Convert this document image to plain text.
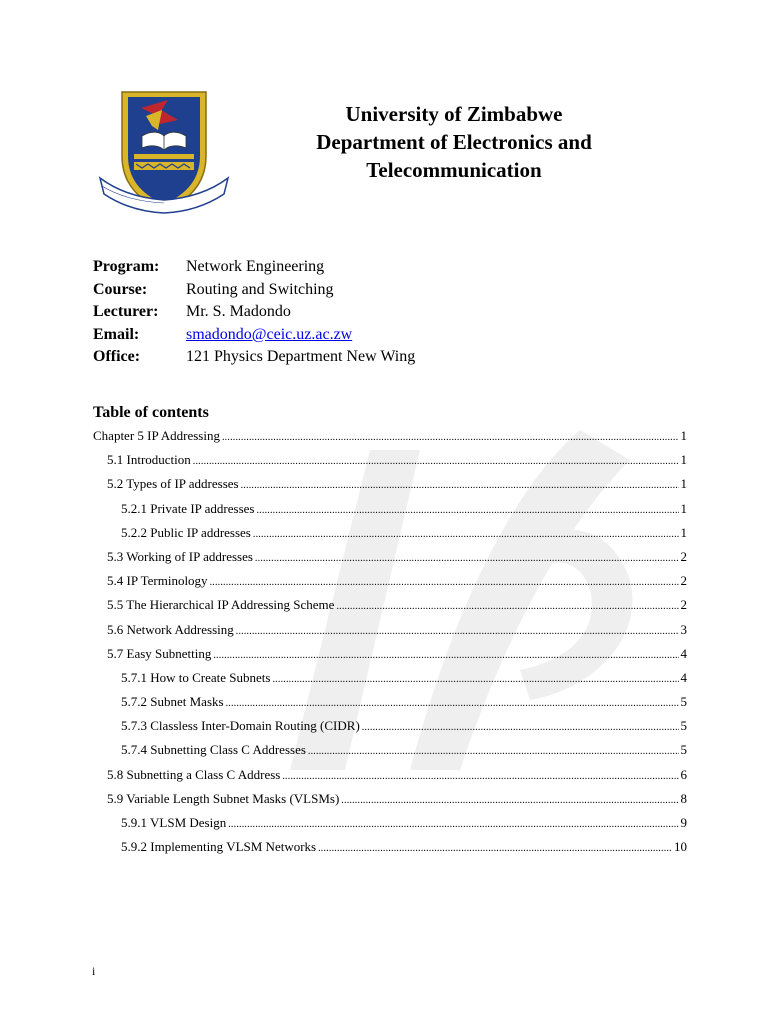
University of Zimbabwe
Department of Electronics and
Telecommunication
Program: Network Engineering
Course: Routing and Switching
Lecturer: Mr. S. Madondo
Email:	smadondo@ceic.uz.ac.zw
Office:	121 Physics Department New Wing
Table of contents
Chapter 5 IP Addressing .....	1
5.1 Introduction .....	1
5.2 Types of IP addresses .....	1
5.2.1 Private IP addresses .....	1
5.2.2 Public IP addresses .....	1
5.3 Working of IP addresses .....	2
5.4 IP Terminology .....	2
5.5 The Hierarchical IP Addressing Scheme .....	2
5.6 Network Addressing .....	3
5.7 Easy Subnetting .....	4
5.7.1 How to Create Subnets .....	4
5.7.2 Subnet Masks .....	5
5.7.3 Classless Inter-Domain Routing (CIDR) .....	5
5.7.4 Subnetting Class C Addresses .....	5
5.8 Subnetting a Class C Address .....	6
5.9 Variable Length Subnet Masks (VLSMs) .....	8
5.9.1 VLSM Design .....	9
5.9.2 Implementing VLSM Networks .....	10
i
